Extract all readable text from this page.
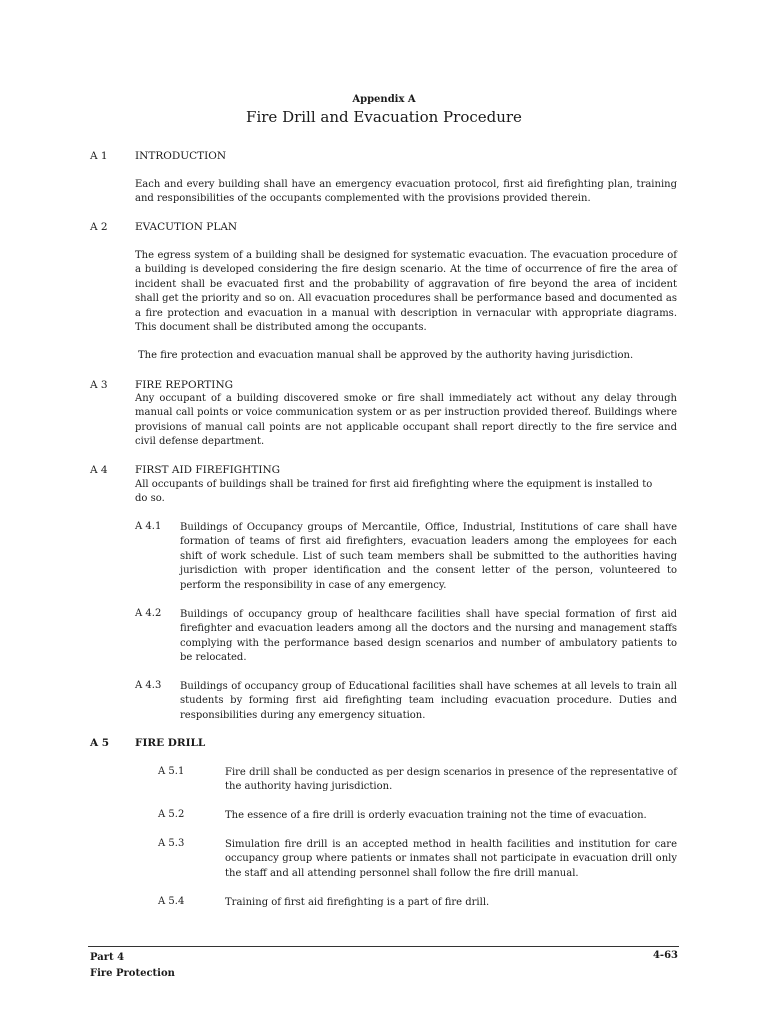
Appendix A
Fire Drill and Evacuation Procedure
A 1	INTRODUCTION

Each and every building shall have an emergency evacuation protocol, first aid firefighting plan, training and responsibilities of the occupants complemented with the provisions provided therein.

A 2	EVACUTION PLAN

The egress system of a building shall be designed for systematic evacuation. The evacuation procedure of a building is developed considering the fire design scenario. At the time of occurrence of fire the area of incident shall be evacuated first and the probability of aggravation of fire beyond the area of incident shall get the priority and so on. All evacuation procedures shall be performance based and documented as a fire protection and evacuation in a manual with description in vernacular with appropriate diagrams. This document shall be distributed among the occupants.

The fire protection and evacuation manual shall be approved by the authority having jurisdiction.

A 3	FIRE REPORTING

Any occupant of a building discovered smoke or fire shall immediately act without any delay through manual call points or voice communication system or as per instruction provided thereof. Buildings where provisions of manual call points are not applicable occupant shall report directly to the fire service and civil defense department.

A 4	FIRST AID FIREFIGHTING

All occupants of buildings shall be trained for first aid firefighting where the equipment is installed to do so.

A 4.1 Buildings of Occupancy groups of Mercantile, Office, Industrial, Institutions of care shall have formation of teams of first aid firefighters, evacuation leaders among the employees for each shift of work schedule. List of such team members shall be submitted to the authorities having jurisdiction with proper identification and the consent letter of the person, volunteered to perform the responsibility in case of any emergency.

A 4.2 Buildings of occupancy group of healthcare facilities shall have special formation of first aid firefighter and evacuation leaders among all the doctors and the nursing and management staffs complying with the performance based design scenarios and number of ambulatory patients to be relocated.

A 4.3 Buildings of occupancy group of Educational facilities shall have schemes at all levels to train all students by forming first aid firefighting team including evacuation procedure. Duties and responsibilities during any emergency situation.

A 5 FIRE DRILL
A 5.1	Fire drill shall be conducted as per design scenarios in presence of the representative of the authority having jurisdiction.

A 5.2	The essence of a fire drill is orderly evacuation training not the time of evacuation.

A 5.3	Simulation fire drill is an accepted method in health facilities and institution for care occupancy group where patients or inmates shall not participate in evacuation drill only the staff and all attending personnel shall follow the fire drill manual.

A 5.4	Training of first aid firefighting is a part of fire drill.

Part 4
Fire Protection
4-63
